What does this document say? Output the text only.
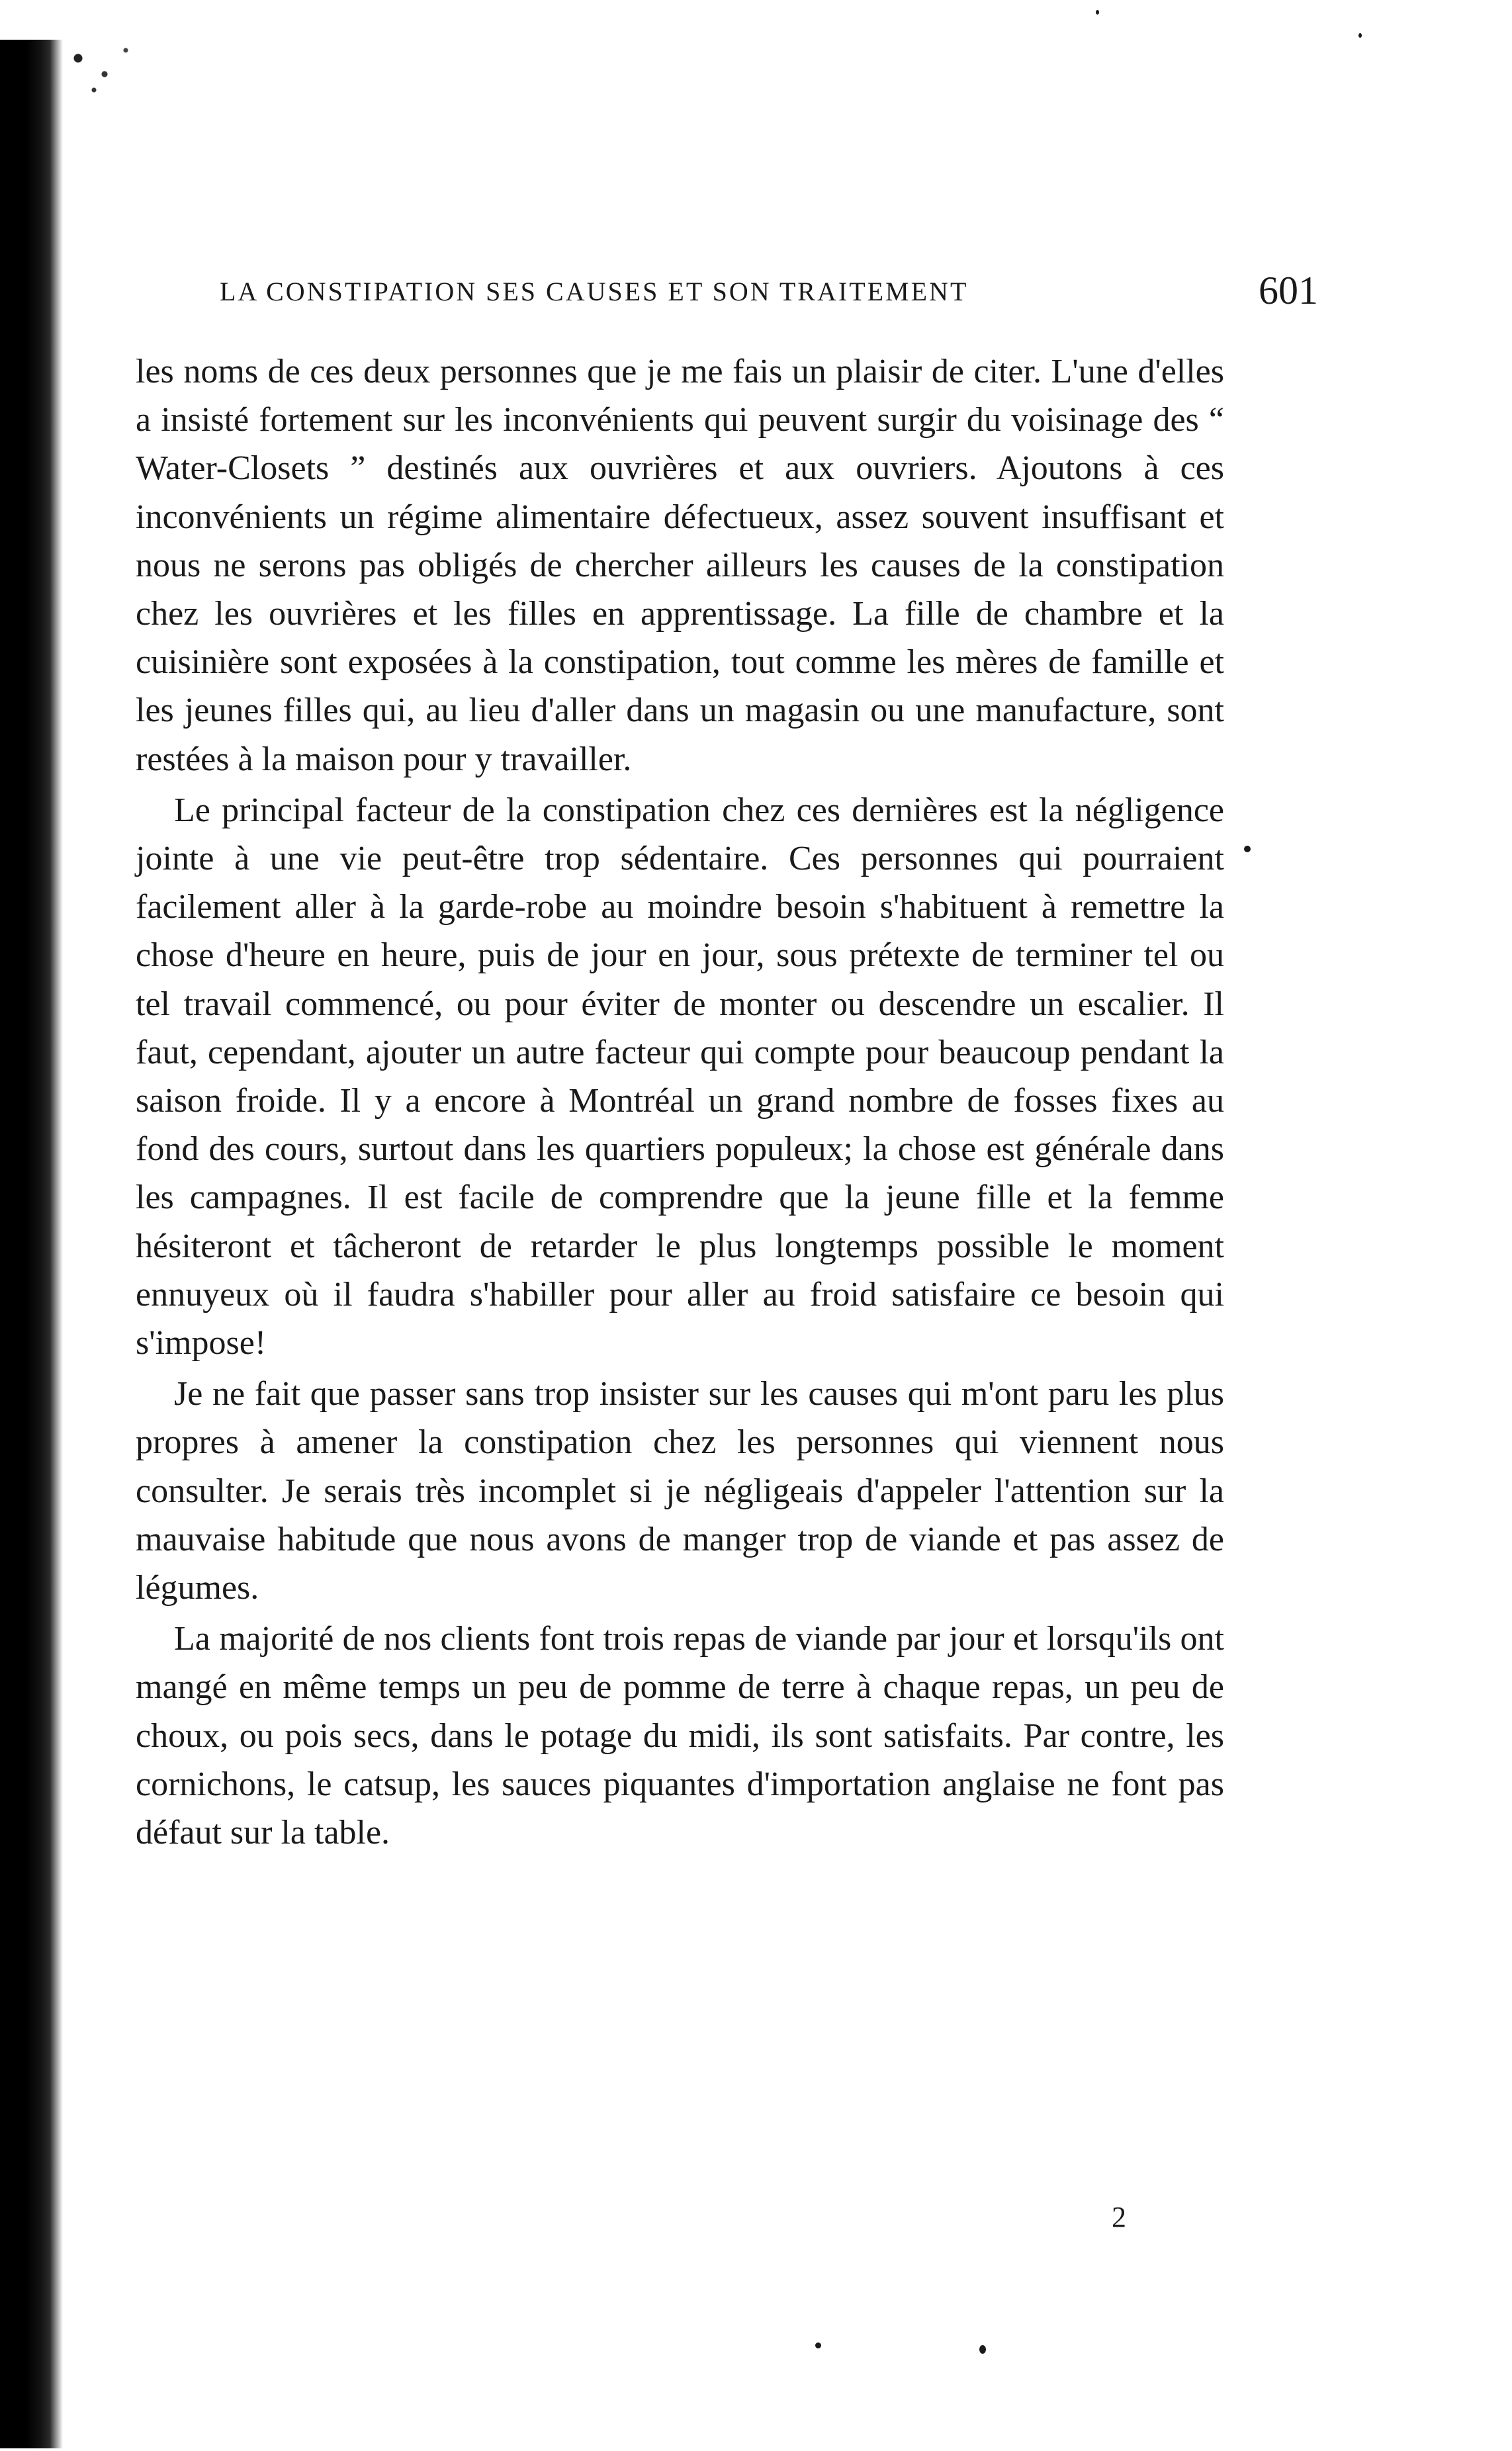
LA CONSTIPATION SES CAUSES ET SON TRAITEMENT	601

les noms de ces deux personnes que je me fais un plaisir de citer. L'une d'elles a insisté fortement sur les inconvénients qui peuvent surgir du voisinage des “ Water-Closets ” destinés aux ouvrières et aux ouvriers. Ajoutons à ces inconvénients un régime alimentaire défectueux, assez souvent insuffisant et nous ne serons pas obligés de chercher ailleurs les causes de la constipation chez les ouvrières et les filles en apprentissage. La fille de chambre et la cuisinière sont exposées à la constipation, tout comme les mères de famille et les jeunes filles qui, au lieu d'aller dans un magasin ou une manufacture, sont restées à la maison pour y travailler.

Le principal facteur de la constipation chez ces dernières est la négligence jointe à une vie peut-être trop sédentaire. Ces personnes qui pourraient facilement aller à la garde-robe au moindre besoin s'habituent à remettre la chose d'heure en heure, puis de jour en jour, sous prétexte de terminer tel ou tel travail commencé, ou pour éviter de monter ou descendre un escalier. Il faut, cependant, ajouter un autre facteur qui compte pour beaucoup pendant la saison froide. Il y a encore à Montréal un grand nombre de fosses fixes au fond des cours, surtout dans les quartiers populeux; la chose est générale dans les campagnes. Il est facile de comprendre que la jeune fille et la femme hésiteront et tâcheront de retarder le plus longtemps possible le moment ennuyeux où il faudra s'habiller pour aller au froid satisfaire ce besoin qui s'impose!

Je ne fait que passer sans trop insister sur les causes qui m'ont paru les plus propres à amener la constipation chez les personnes qui viennent nous consulter. Je serais très incomplet si je négligeais d'appeler l'attention sur la mauvaise habitude que nous avons de manger trop de viande et pas assez de légumes.

La majorité de nos clients font trois repas de viande par jour et lorsqu'ils ont mangé en même temps un peu de pomme de terre à chaque repas, un peu de choux, ou pois secs, dans le potage du midi, ils sont satisfaits. Par contre, les cornichons, le catsup, les sauces piquantes d'importation anglaise ne font pas défaut sur la table.

2
